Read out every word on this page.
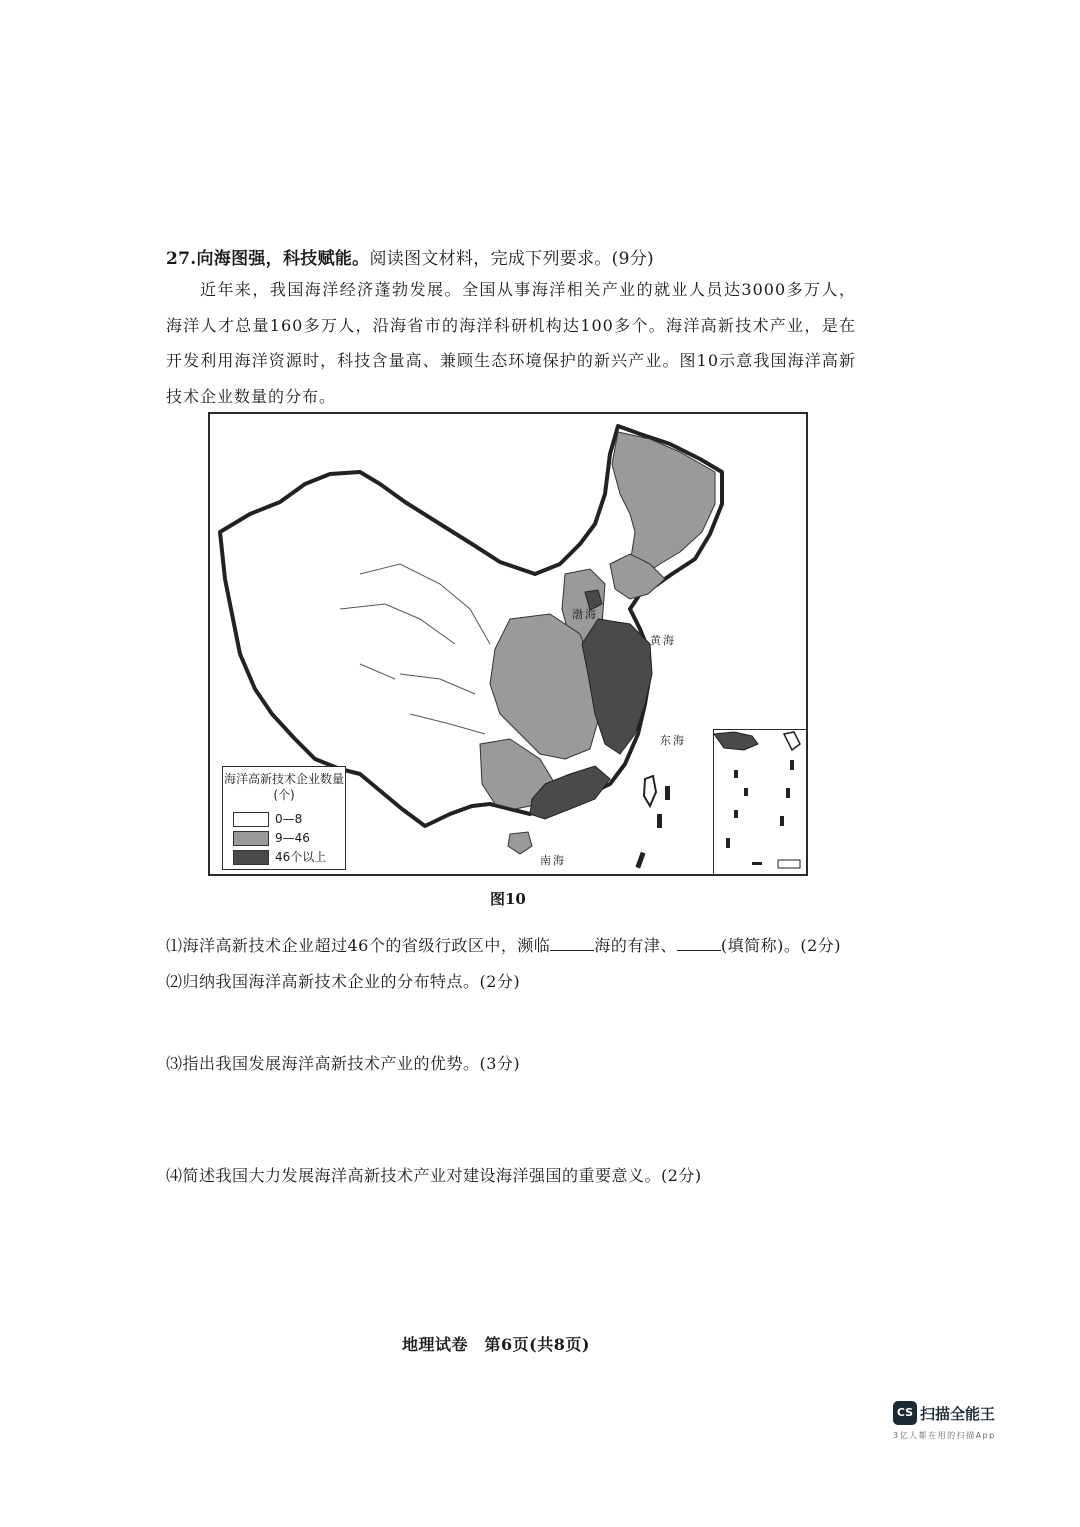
27.向海图强，科技赋能。阅读图文材料，完成下列要求。(9分)
近年来，我国海洋经济蓬勃发展。全国从事海洋相关产业的就业人员达3000多万人，海洋人才总量160多万人，沿海省市的海洋科研机构达100多个。海洋高新技术产业，是在开发利用海洋资源时，科技含量高、兼顾生态环境保护的新兴产业。图10示意我国海洋高新技术企业数量的分布。
渤海
黄海
东海
南海
海洋高新技术企业数量(个)
0—8
9—46
46个以上
图10
⑴海洋高新技术企业超过46个的省级行政区中，濒临	海的有津、	(填简称)。(2分)
⑵归纳我国海洋高新技术企业的分布特点。(2分)
⑶指出我国发展海洋高新技术产业的优势。(3分)
⑷简述我国大力发展海洋高新技术产业对建设海洋强国的重要意义。(2分)
地理试卷　第6页(共8页)
CS 扫描全能王
3亿人都在用的扫描App
